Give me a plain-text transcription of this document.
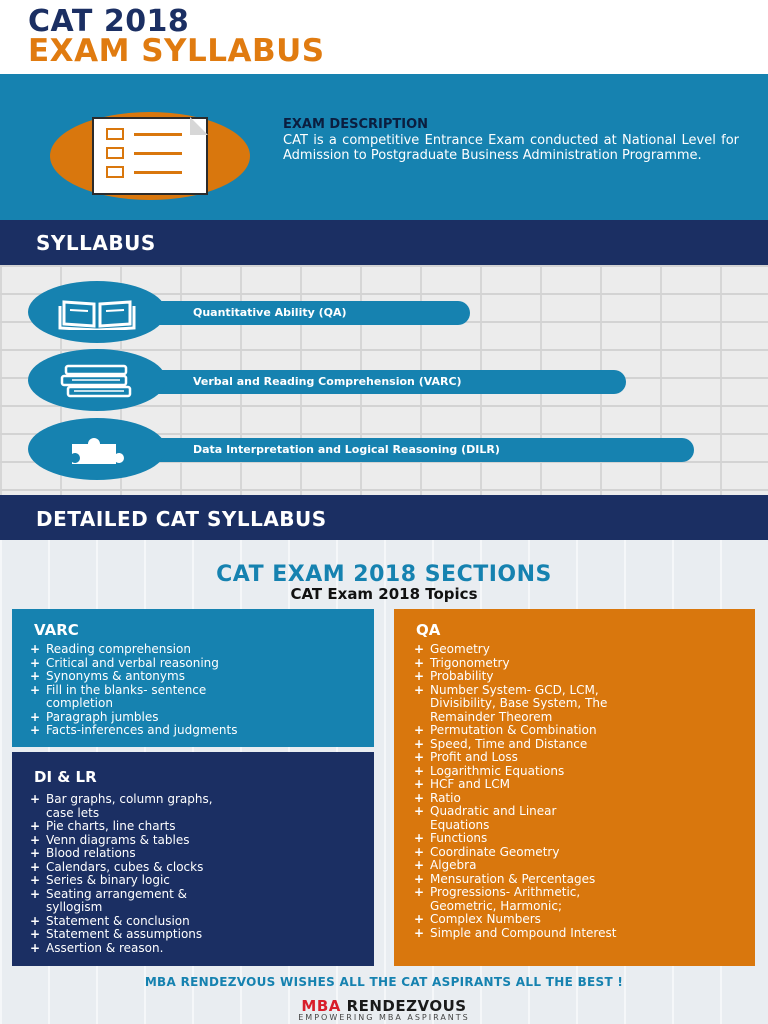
CAT 2018
EXAM SYLLABUS
EXAM DESCRIPTION
CAT is a competitive Entrance Exam conducted at National Level for Admission to Postgraduate Business Administration Programme.
SYLLABUS
Quantitative Ability (QA)
Verbal and Reading Comprehension (VARC)
Data Interpretation and Logical Reasoning (DILR)
DETAILED CAT SYLLABUS
CAT EXAM 2018 SECTIONS
CAT Exam 2018 Topics
VARC
+ Reading comprehension
+ Critical and verbal reasoning
+ Synonyms & antonyms
+ Fill in the blanks- sentence
completion
+ Paragraph jumbles
+ Facts-inferences and judgments
DI & LR
+ Bar graphs, column graphs,
case lets
+ Pie charts, line charts
+ Venn diagrams & tables
+ Blood relations
+ Calendars, cubes & clocks
+ Series & binary logic
+ Seating arrangement &
syllogism
+ Statement & conclusion
+ Statement & assumptions
+ Assertion & reason.
QA
+ Geometry
+ Trigonometry
+ Probability
+ Number System- GCD, LCM,
Divisibility, Base System, The
Remainder Theorem
+ Permutation & Combination
+ Speed, Time and Distance
+ Profit and Loss
+ Logarithmic Equations
+ HCF and LCM
+ Ratio
+ Quadratic and Linear
Equations
+ Functions
+ Coordinate Geometry
+ Algebra
+ Mensuration & Percentages
+ Progressions- Arithmetic,
Geometric, Harmonic;
+ Complex Numbers
+ Simple and Compound Interest
MBA RENDEZVOUS WISHES ALL THE CAT ASPIRANTS ALL THE BEST !
MBA RENDEZVOUS
EMPOWERING MBA ASPIRANTS
